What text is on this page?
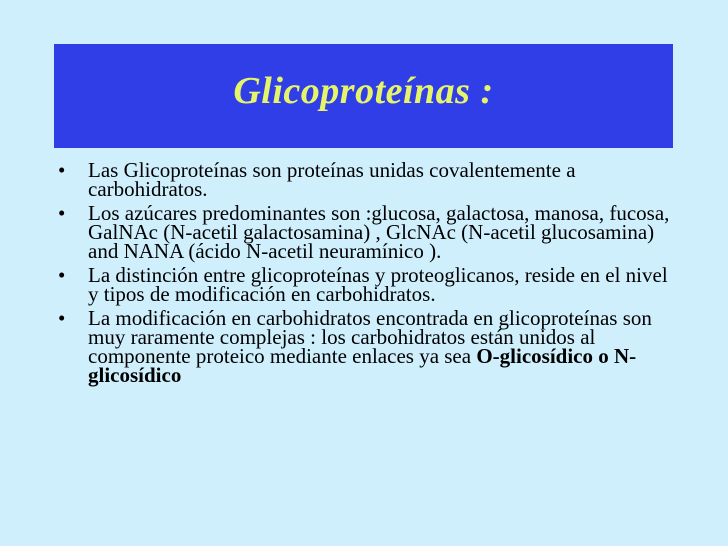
Glicoproteínas :
• Las Glicoproteínas son proteínas unidas covalentemente a carbohidratos.
• Los azúcares predominantes son :glucosa, galactosa, manosa, fucosa, GalNAc (N-acetil galactosamina) , GlcNAc (N-acetil glucosamina) and NANA (ácido N-acetil neuramínico ).
• La distinción entre glicoproteínas y proteoglicanos, reside en el nivel y tipos de modificación en carbohidratos.
• La modificación en carbohidratos encontrada en glicoproteínas son muy raramente complejas : los carbohidratos están unidos al componente proteico mediante enlaces ya sea O-glicosídico o N-glicosídico
